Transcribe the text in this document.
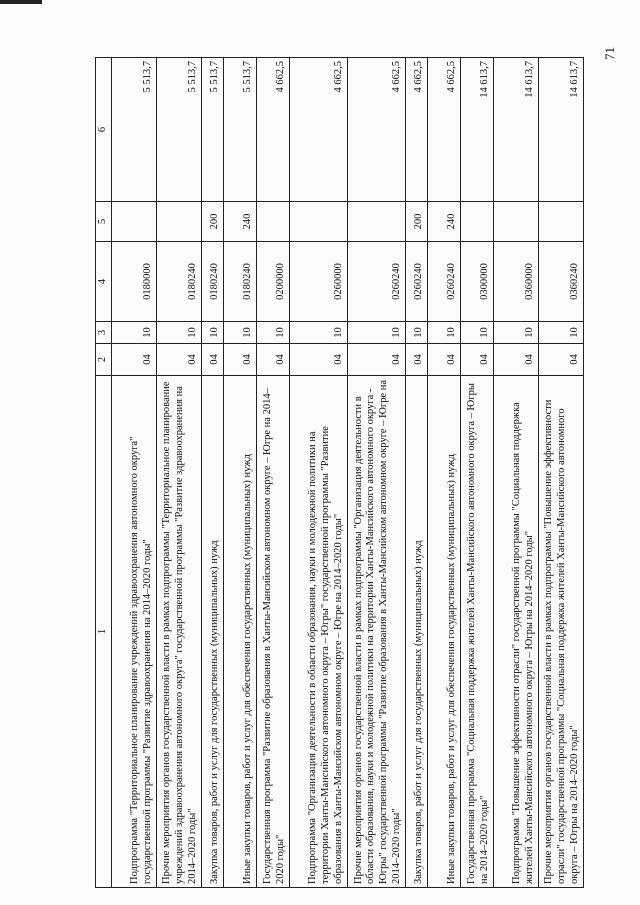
71
1	2	3	4	5	6
Подпрограмма "Территориальное планирование учреждений здравоохранения автономного округа" государственной программы "Развитие здравоохранения на 2014–2020 годы"	04	10	0180000		5 513,7
Прочие мероприятия органов государственной власти в рамках подпрограммы "Территориальное планирование учреждений здравоохранения автономного округа" государственной программы "Развитие здравоохранения на 2014–2020 годы"	04	10	0180240		5 513,7
Закупка товаров, работ и услуг для государственных (муниципальных) нужд	04	10	0180240	200	5 513,7
Иные закупки товаров, работ и услуг для обеспечения государственных (муниципальных) нужд	04	10	0180240	240	5 513,7
Государственная программа "Развитие образования в Ханты-Мансийском автономном округе – Югре на 2014–2020 годы"	04	10	0200000		4 662,5
Подпрограмма "Организация деятельности в области образования, науки и молодежной политики на территории Ханты-Мансийского автономного округа – Югры" государственной программы "Развитие образования в Ханты-Мансийском автономном округе – Югре на 2014–2020 годы"	04	10	0260000		4 662,5
Прочие мероприятия органов государственной власти в рамках подпрограммы "Организация деятельности в области образования, науки и молодежной политики на территории Ханты-Мансийского автономного округа - Югры" государственной программы "Развитие образования в Ханты-Мансийском автономном округе – Югре на 2014–2020 годы"	04	10	0260240		4 662,5
Закупка товаров, работ и услуг для государственных (муниципальных) нужд	04	10	0260240	200	4 662,5
Иные закупки товаров, работ и услуг для обеспечения государственных (муниципальных) нужд	04	10	0260240	240	4 662,5
Государственная программа "Социальная поддержка жителей Ханты-Мансийского автономного округа – Югры на 2014–2020 годы"	04	10	0300000		14 613,7
Подпрограмма "Повышение эффективности отрасли" государственной программы "Социальная поддержка жителей Ханты-Мансийского автономного округа – Югры на 2014–2020 годы"	04	10	0360000		14 613,7
Прочие мероприятия органов государственной власти в рамках подпрограммы "Повышение эффективности отрасли" государственной программы "Социальная поддержка жителей Ханты-Мансийского автономного округа – Югры на 2014–2020 годы"	04	10	0360240		14 613,7
